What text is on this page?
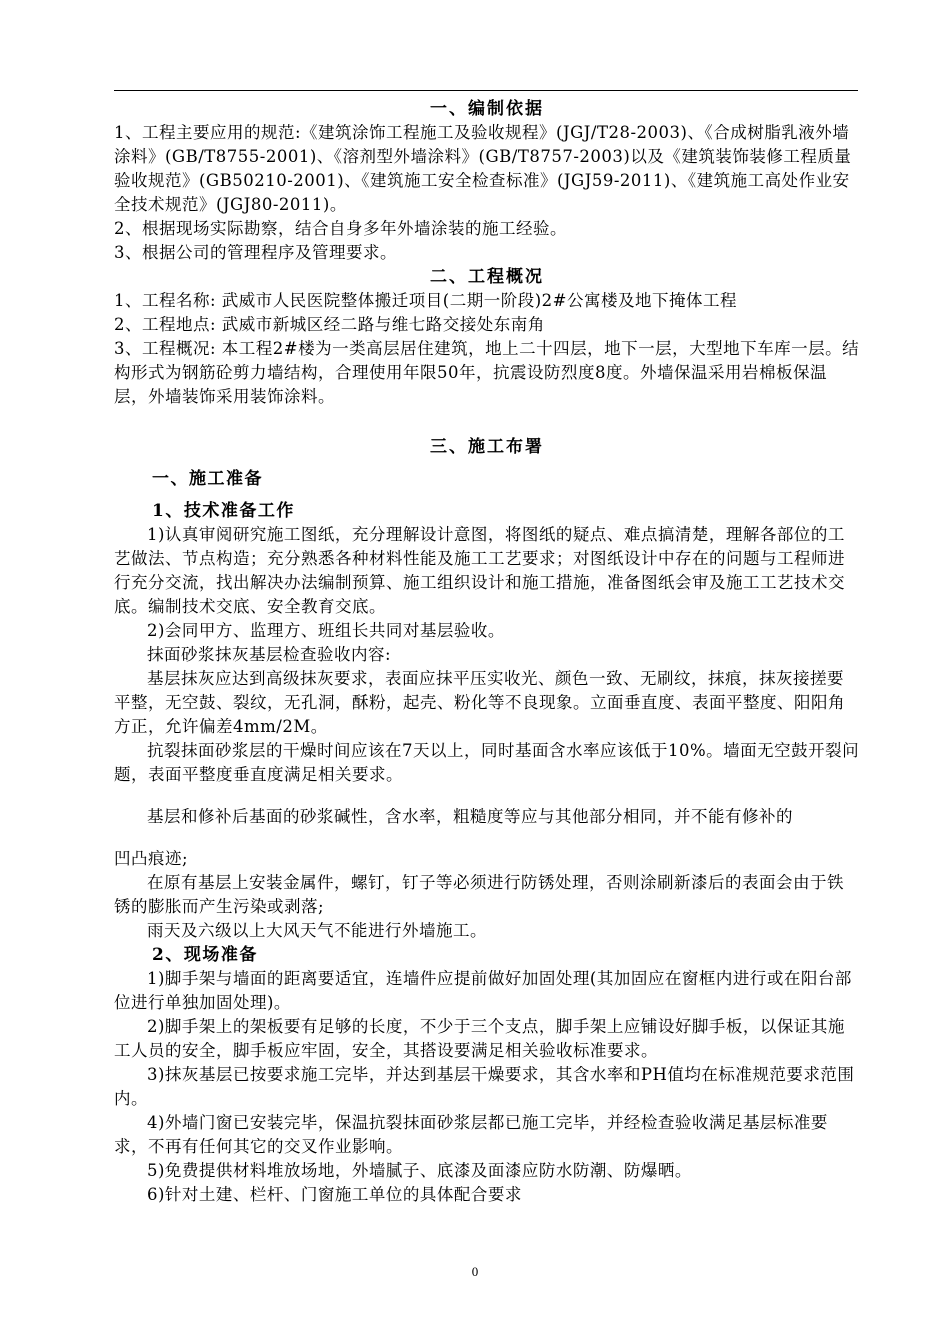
一、编制依据

1、工程主要应用的规范:《建筑涂饰工程施工及验收规程》(JGJ/T28-2003)、《合成树脂乳液外墙涂料》(GB/T8755-2001)、《溶剂型外墙涂料》(GB/T8757-2003)以及《建筑装饰装修工程质量验收规范》(GB50210-2001)、《建筑施工安全检查标准》(JGJ59-2011)、《建筑施工高处作业安全技术规范》(JGJ80-2011)。

2、根据现场实际勘察，结合自身多年外墙涂装的施工经验。

3、根据公司的管理程序及管理要求。

二、工程概况

1、工程名称: 武威市人民医院整体搬迁项目(二期一阶段)2#公寓楼及地下掩体工程

2、工程地点: 武威市新城区经二路与维七路交接处东南角

3、工程概况: 本工程2#楼为一类高层居住建筑，地上二十四层，地下一层，大型地下车库一层。结构形式为钢筋砼剪力墙结构，合理使用年限50年，抗震设防烈度8度。外墙保温采用岩棉板保温层，外墙装饰采用装饰涂料。

三、施工布署
一、施工准备
1、技术准备工作

1)认真审阅研究施工图纸，充分理解设计意图，将图纸的疑点、难点搞清楚，理解各部位的工艺做法、节点构造；充分熟悉各种材料性能及施工工艺要求；对图纸设计中存在的问题与工程师进行充分交流，找出解决办法编制预算、施工组织设计和施工措施，准备图纸会审及施工工艺技术交底。编制技术交底、安全教育交底。

2)会同甲方、监理方、班组长共同对基层验收。

抹面砂浆抹灰基层检查验收内容:

基层抹灰应达到高级抹灰要求，表面应抹平压实收光、颜色一致、无刷纹，抹痕，抹灰接搓要平整，无空鼓、裂纹，无孔洞，酥粉，起壳、粉化等不良现象。立面垂直度、表面平整度、阳阳角方正，允许偏差4mm/2M。

抗裂抹面砂浆层的干燥时间应该在7天以上，同时基面含水率应该低于10%。墙面无空鼓开裂问题，表面平整度垂直度满足相关要求。

基层和修补后基面的砂浆碱性，含水率，粗糙度等应与其他部分相同，并不能有修补的

凹凸痕迹;

在原有基层上安装金属件，螺钉，钉子等必须进行防锈处理，否则涂刷新漆后的表面会由于铁锈的膨胀而产生污染或剥落;

雨天及六级以上大风天气不能进行外墙施工。

2、现场准备

1)脚手架与墙面的距离要适宜，连墙件应提前做好加固处理(其加固应在窗框内进行或在阳台部位进行单独加固处理)。

2)脚手架上的架板要有足够的长度，不少于三个支点，脚手架上应铺设好脚手板，以保证其施工人员的安全，脚手板应牢固，安全，其搭设要满足相关验收标准要求。

3)抹灰基层已按要求施工完毕，并达到基层干燥要求，其含水率和PH值均在标准规范要求范围内。

4)外墙门窗已安装完毕，保温抗裂抹面砂浆层都已施工完毕，并经检查验收满足基层标准要求，不再有任何其它的交叉作业影响。

5)免费提供材料堆放场地，外墙腻子、底漆及面漆应防水防潮、防爆晒。

6)针对土建、栏杆、门窗施工单位的具体配合要求

0
